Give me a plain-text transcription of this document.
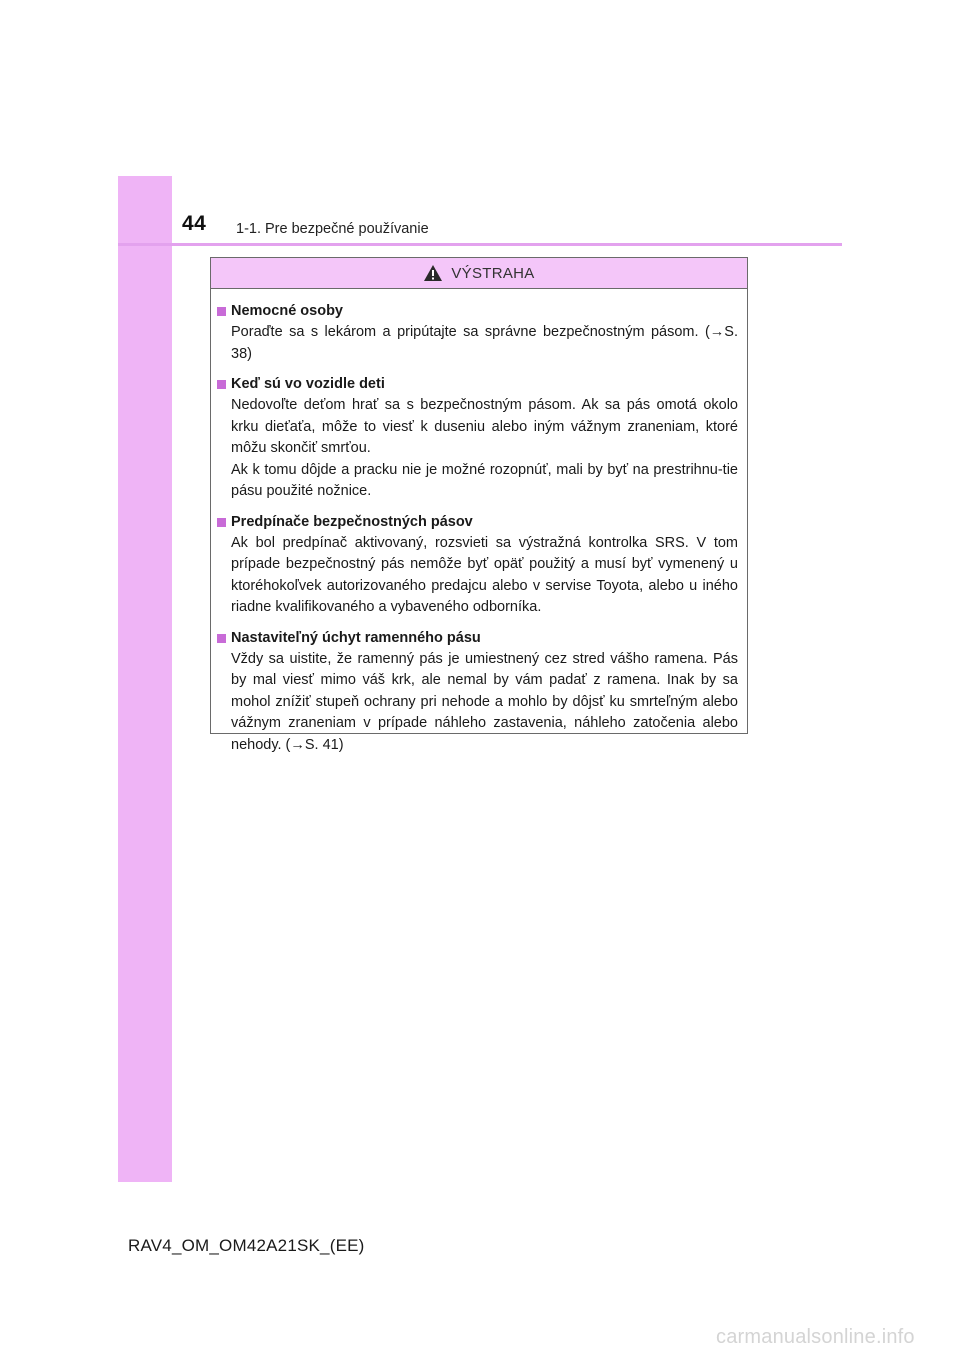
44 1-1. Pre bezpečné používanie
VÝSTRAHA
Nemocné osoby

Poraďte sa s lekárom a pripútajte sa správne bezpečnostným pásom. (→S. 38)

Keď sú vo vozidle deti

Nedovoľte deťom hrať sa s bezpečnostným pásom. Ak sa pás omotá okolo krku dieťaťa, môže to viesť k duseniu alebo iným vážnym zraneniam, ktoré môžu skončiť smrťou.

Ak k tomu dôjde a pracku nie je možné rozopnúť, mali by byť na prestrihnu-tie pásu použité nožnice.

Predpínače bezpečnostných pásov

Ak bol predpínač aktivovaný, rozsvieti sa výstražná kontrolka SRS. V tom prípade bezpečnostný pás nemôže byť opäť použitý a musí byť vymenený u ktoréhokoľvek autorizovaného predajcu alebo v servise Toyota, alebo u iného riadne kvalifikovaného a vybaveného odborníka.

Nastaviteľný úchyt ramenného pásu

Vždy sa uistite, že ramenný pás je umiestnený cez stred vášho ramena. Pás by mal viesť mimo váš krk, ale nemal by vám padať z ramena. Inak by sa mohol znížiť stupeň ochrany pri nehode a mohlo by dôjsť ku smrteľným alebo vážnym zraneniam v prípade náhleho zastavenia, náhleho zatočenia alebo nehody. (→S. 41)

RAV4_OM_OM42A21SK_(EE)
carmanualsonline.info
